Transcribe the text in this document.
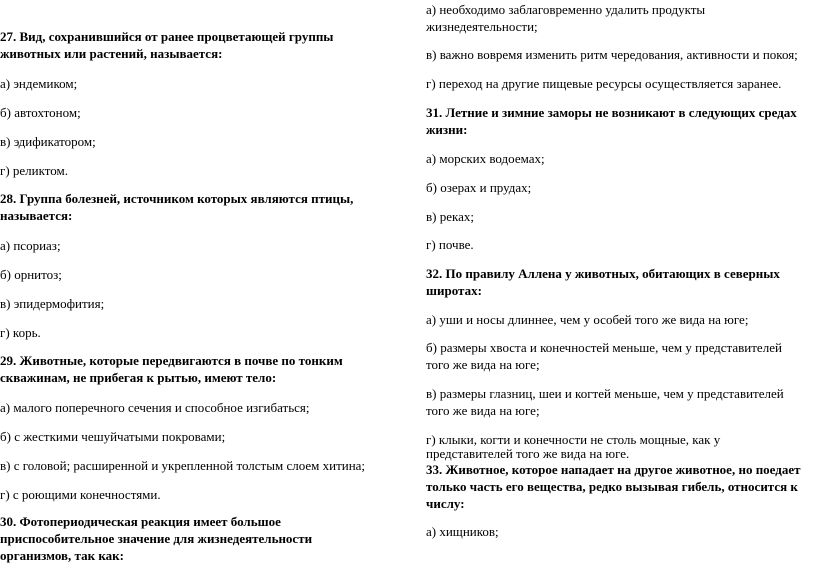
27. Вид, сохранившийся от ранее процветающей группы
животных или растений, называется:
а) эндемиком;
б) автохтоном;
в) эдификатором;
г) реликтом.
28. Группа болезней, источником которых являются птицы,
называется:
а) псориаз;
б) орнитоз;
в) эпидермофития;
г) корь.
29. Животные, которые передвигаются в почве по тонким
скважинам, не прибегая к рытью, имеют тело:
а) малого поперечного сечения и способное изгибаться;
б) с жесткими чешуйчатыми покровами;
в) с головой; расширенной и укрепленной толстым слоем хитина;
г) с роющими конечностями.
30. Фотопериодическая реакция имеет большое
приспособительное значение для жизнедеятельности
организмов, так как:
а) необходимо заблаговременно удалить продукты
жизнедеятельности;
в) важно вовремя изменить ритм чередования, активности и покоя;
г) переход на другие пищевые ресурсы осуществляется заранее.
31. Летние и зимние заморы не возникают в следующих средах
жизни:
а) морских водоемах;
б) озерах и прудах;
в) реках;
г) почве.
32. По правилу Аллена у животных, обитающих в северных
широтах:
а) уши и носы длиннее, чем у особей того же вида на юге;
б) размеры хвоста и конечностей меньше, чем у представителей
того же вида на юге;
в) размеры глазниц, шеи и когтей меньше, чем у представителей
того же вида на юге;
г) клыки, когти и конечности не столь мощные, как у
представителей того же вида на юге.
33. Животное, которое нападает на другое животное, но поедает
только часть его вещества, редко вызывая гибель, относится к
числу:
а) хищников;
